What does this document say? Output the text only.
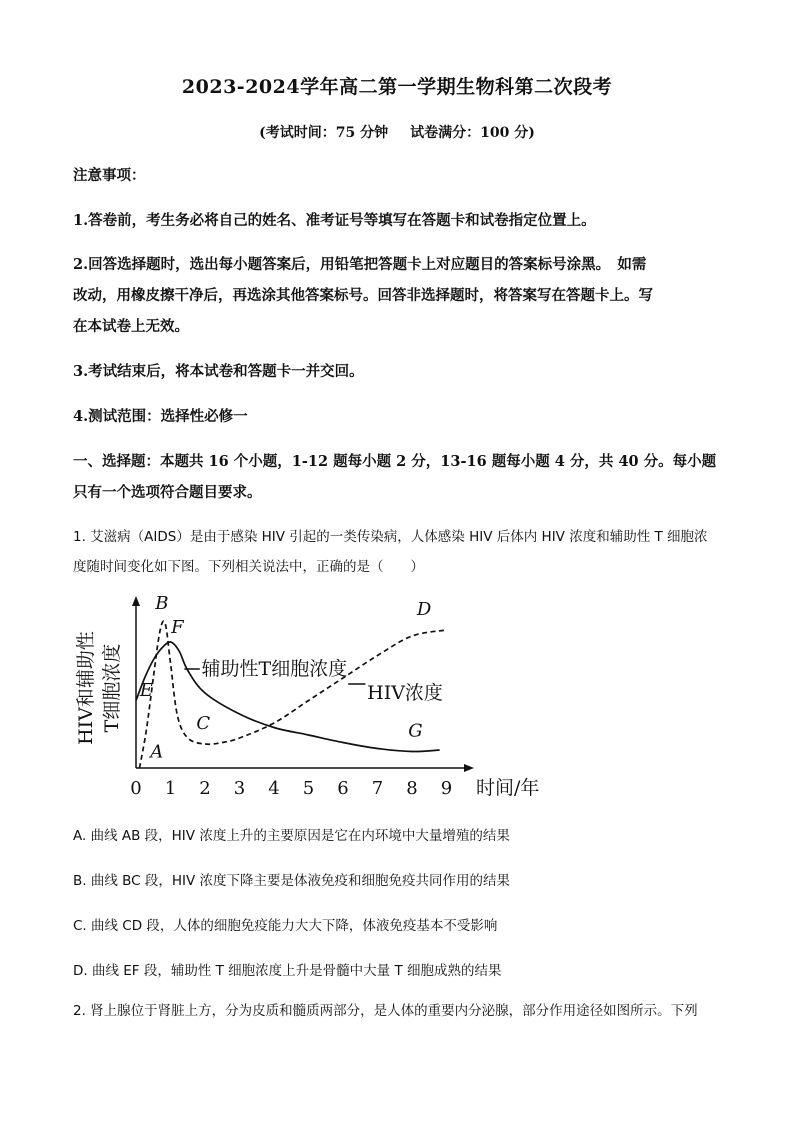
2023-2024学年高二第一学期生物科第二次段考
(考试时间：75 分钟 试卷满分：100 分)
注意事项：
1.答卷前，考生务必将自己的姓名、准考证号等填写在答题卡和试卷指定位置上。
2.回答选择题时，选出每小题答案后，用铅笔把答题卡上对应题目的答案标号涂黑。　如需
改动，用橡皮擦干净后，再选涂其他答案标号。回答非选择题时，将答案写在答题卡上。写
在本试卷上无效。
3.考试结束后，将本试卷和答题卡一并交回。
4.测试范围：选择性必修一
一、选择题：本题共 16 个小题，1-12 题每小题 2 分，13-16 题每小题 4 分，共 40 分。每小题
只有一个选项符合题目要求。
1. 艾滋病（AIDS）是由于感染 HIV 引起的一类传染病，人体感染 HIV 后体内 HIV 浓度和辅助性 T 细胞浓
度随时间变化如下图。下列相关说法中，正确的是（　　）
HIV和辅助性 T细胞浓度
时间/年
0 1 2 3 4 5 6 7 8 9
A
B
C
D
E
F
G
辅助性T细胞浓度
HIV浓度
A. 曲线 AB 段，HIV 浓度上升的主要原因是它在内环境中大量增殖的结果
B. 曲线 BC 段，HIV 浓度下降主要是体液免疫和细胞免疫共同作用的结果
C. 曲线 CD 段，人体的细胞免疫能力大大下降，体液免疫基本不受影响
D. 曲线 EF 段，辅助性 T 细胞浓度上升是骨髓中大量 T 细胞成熟的结果
2. 肾上腺位于肾脏上方，分为皮质和髓质两部分，是人体的重要内分泌腺，部分作用途径如图所示。下列
